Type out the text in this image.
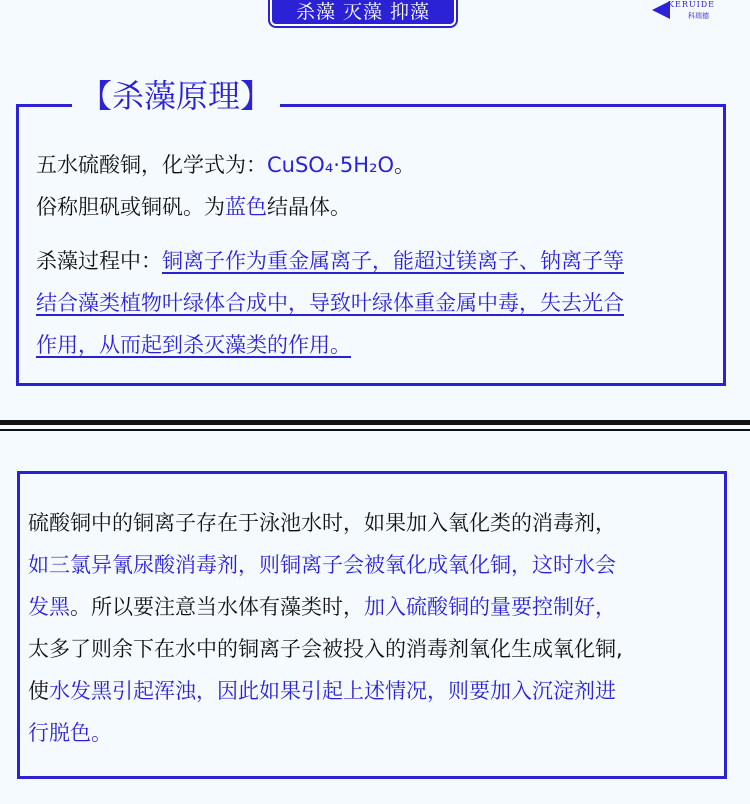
杀藻 灭藻 抑藻	KERUIDE
科瑞德
【杀藻原理】
五水硫酸铜，化学式为：CuSO₄·5H₂O。
俗称胆矾或铜矾。为蓝色结晶体。
杀藻过程中：铜离子作为重金属离子，能超过镁离子、钠离子等
结合藻类植物叶绿体合成中，导致叶绿体重金属中毒，失去光合
作用，从而起到杀灭藻类的作用。
硫酸铜中的铜离子存在于泳池水时，如果加入氧化类的消毒剂，
如三氯异氰尿酸消毒剂，则铜离子会被氧化成氧化铜，这时水会
发黑。所以要注意当水体有藻类时，加入硫酸铜的量要控制好，
太多了则余下在水中的铜离子会被投入的消毒剂氧化生成氧化铜,
使水发黑引起浑浊，因此如果引起上述情况，则要加入沉淀剂进
行脱色。
